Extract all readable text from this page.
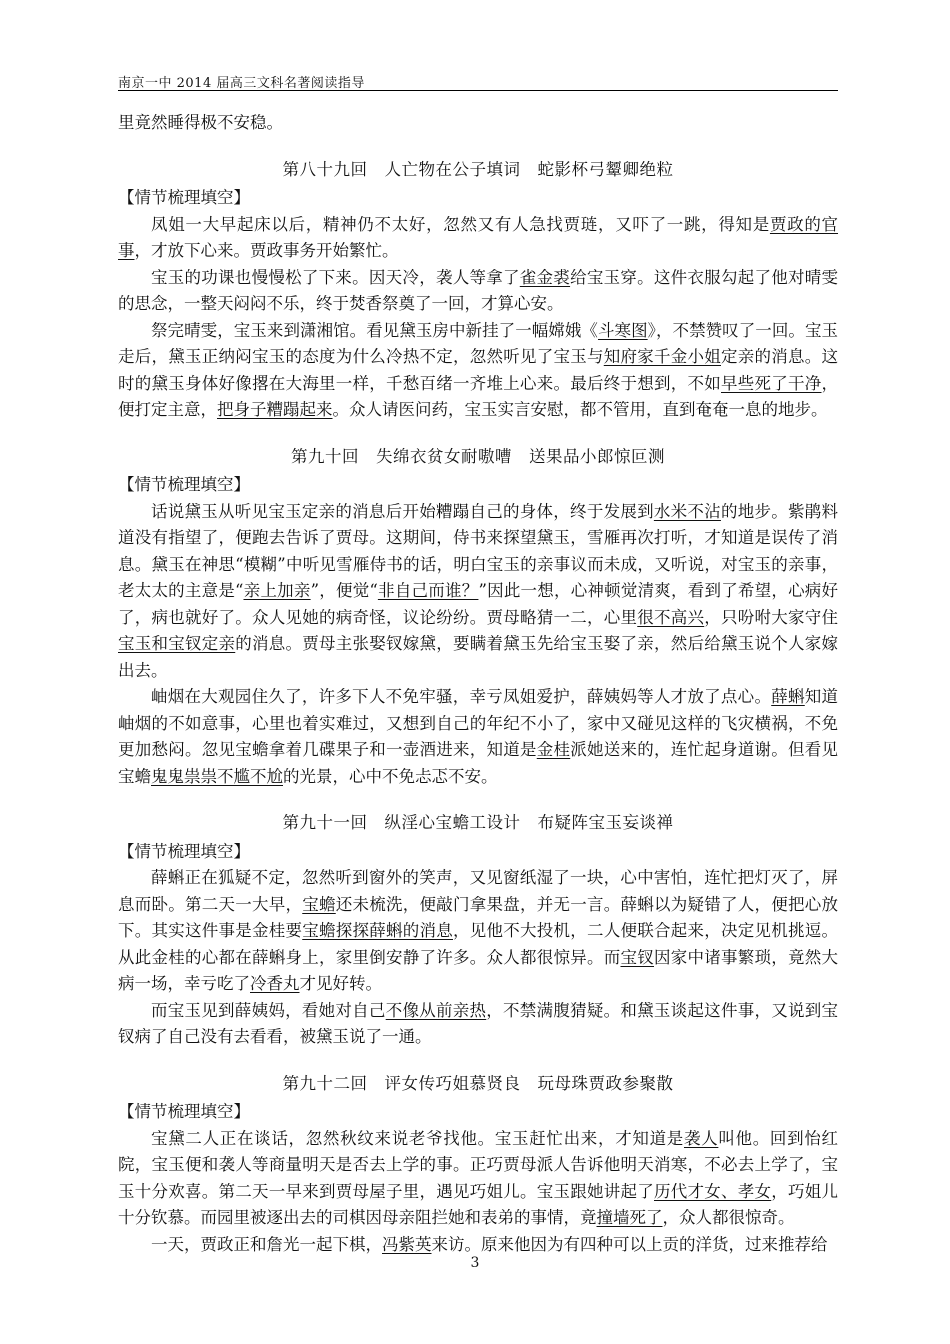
南京一中 2014 届高三文科名著阅读指导

里竟然睡得极不安稳。

第八十九回　人亡物在公子填词　蛇影杯弓颦卿绝粒

【情节梳理填空】

凤姐一大早起床以后，精神仍不太好，忽然又有人急找贾琏，又吓了一跳，得知是贾政的官事，才放下心来。贾政事务开始繁忙。

宝玉的功课也慢慢松了下来。因天冷，袭人等拿了雀金裘给宝玉穿。这件衣服勾起了他对晴雯的思念，一整天闷闷不乐，终于焚香祭奠了一回，才算心安。

祭完晴雯，宝玉来到潇湘馆。看见黛玉房中新挂了一幅嫦娥《斗寒图》，不禁赞叹了一回。宝玉走后，黛玉正纳闷宝玉的态度为什么冷热不定，忽然听见了宝玉与知府家千金小姐定亲的消息。这时的黛玉身体好像撂在大海里一样，千愁百绪一齐堆上心来。最后终于想到，不如早些死了干净，便打定主意，把身子糟蹋起来。众人请医问药，宝玉实言安慰，都不管用，直到奄奄一息的地步。

第九十回　失绵衣贫女耐嗷嘈　送果品小郎惊叵测

【情节梳理填空】

话说黛玉从听见宝玉定亲的消息后开始糟蹋自己的身体，终于发展到水米不沾的地步。紫鹃料道没有指望了，便跑去告诉了贾母。这期间，侍书来探望黛玉，雪雁再次打听，才知道是误传了消息。黛玉在神思“模糊”中听见雪雁侍书的话，明白宝玉的亲事议而未成，又听说，对宝玉的亲事，老太太的主意是“亲上加亲”，便觉“非自己而谁？”因此一想，心神顿觉清爽，看到了希望，心病好了，病也就好了。众人见她的病奇怪，议论纷纷。贾母略猜一二，心里很不高兴，只吩咐大家守住宝玉和宝钗定亲的消息。贾母主张娶钗嫁黛，要瞒着黛玉先给宝玉娶了亲，然后给黛玉说个人家嫁出去。

岫烟在大观园住久了，许多下人不免牢骚，幸亏凤姐爱护，薛姨妈等人才放了点心。薛蝌知道岫烟的不如意事，心里也着实难过，又想到自己的年纪不小了，家中又碰见这样的飞灾横祸，不免更加愁闷。忽见宝蟾拿着几碟果子和一壶酒进来，知道是金桂派她送来的，连忙起身道谢。但看见宝蟾鬼鬼祟祟不尴不尬的光景，心中不免忐忑不安。

第九十一回　纵淫心宝蟾工设计　布疑阵宝玉妄谈禅

【情节梳理填空】

薛蝌正在狐疑不定，忽然听到窗外的笑声，又见窗纸湿了一块，心中害怕，连忙把灯灭了，屏息而卧。第二天一大早，宝蟾还未梳洗，便敲门拿果盘，并无一言。薛蝌以为疑错了人，便把心放下。其实这件事是金桂要宝蟾探探薛蝌的消息，见他不大投机，二人便联合起来，决定见机挑逗。从此金桂的心都在薛蝌身上，家里倒安静了许多。众人都很惊异。而宝钗因家中诸事繁琐，竟然大病一场，幸亏吃了冷香丸才见好转。

而宝玉见到薛姨妈，看她对自己不像从前亲热，不禁满腹猜疑。和黛玉谈起这件事，又说到宝钗病了自己没有去看看，被黛玉说了一通。

第九十二回　评女传巧姐慕贤良　玩母珠贾政参聚散

【情节梳理填空】

宝黛二人正在谈话，忽然秋纹来说老爷找他。宝玉赶忙出来，才知道是袭人叫他。回到怡红院，宝玉便和袭人等商量明天是否去上学的事。正巧贾母派人告诉他明天消寒，不必去上学了，宝玉十分欢喜。第二天一早来到贾母屋子里，遇见巧姐儿。宝玉跟她讲起了历代才女、孝女，巧姐儿十分钦慕。而园里被逐出去的司棋因母亲阻拦她和表弟的事情，竟撞墙死了，众人都很惊奇。

一天，贾政正和詹光一起下棋，冯紫英来访。原来他因为有四种可以上贡的洋货，过来推荐给

3
